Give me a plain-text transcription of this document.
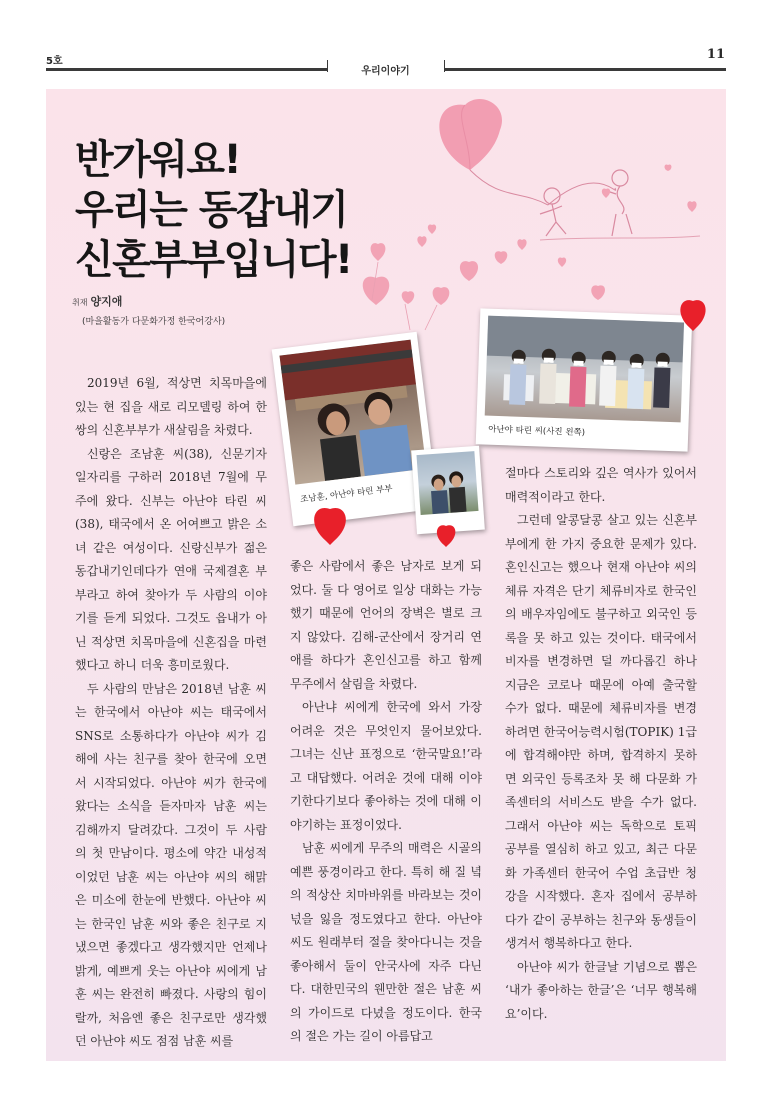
5호	11
우리이야기
반가워요!
우리는 동갑내기
신혼부부입니다!
취재 양지애
(마을활동가 다문화가정 한국어강사)
아난야 타린 씨(사진 왼쪽)
조남훈, 아난야 타린 부부

2019년 6월, 적상면 치목마을에 있는 현 집을 새로 리모델링 하여 한 쌍의 신혼부부가 새살림을 차렸다.

신랑은 조남훈 씨(38), 신문기자 일자리를 구하러 2018년 7월에 무주에 왔다. 신부는 아난야 타린 씨(38), 태국에서 온 어여쁘고 밝은 소녀 같은 여성이다. 신랑신부가 젊은 동갑내기인데다가 연애 국제결혼 부부라고 하여 찾아가 두 사람의 이야기를 듣게 되었다. 그것도 읍내가 아닌 적상면 치목마을에 신혼집을 마련했다고 하니 더욱 흥미로웠다.

두 사람의 만남은 2018년 남훈 씨는 한국에서 아난야 씨는 태국에서 SNS로 소통하다가 아난야 씨가 김해에 사는 친구를 찾아 한국에 오면서 시작되었다. 아난야 씨가 한국에 왔다는 소식을 듣자마자 남훈 씨는 김해까지 달려갔다. 그것이 두 사람의 첫 만남이다. 평소에 약간 내성적이었던 남훈 씨는 아난야 씨의 해맑은 미소에 한눈에 반했다. 아난야 씨는 한국인 남훈 씨와 좋은 친구로 지냈으면 좋겠다고 생각했지만 언제나 밝게, 예쁘게 웃는 아난야 씨에게 남훈 씨는 완전히 빠졌다. 사랑의 힘이랄까, 처음엔 좋은 친구로만 생각했던 아난야 씨도 점점 남훈 씨를

좋은 사람에서 좋은 남자로 보게 되었다. 둘 다 영어로 일상 대화는 가능했기 때문에 언어의 장벽은 별로 크지 않았다. 김해-군산에서 장거리 연애를 하다가 혼인신고를 하고 함께 무주에서 살림을 차렸다.

아난냐 씨에게 한국에 와서 가장 어려운 것은 무엇인지 물어보았다. 그녀는 신난 표정으로 ‘한국말요!’라고 대답했다. 어려운 것에 대해 이야기한다기보다 좋아하는 것에 대해 이야기하는 표정이었다.

남훈 씨에게 무주의 매력은 시골의 예쁜 풍경이라고 한다. 특히 해 질 녘의 적상산 치마바위를 바라보는 것이 넋을 잃을 정도였다고 한다. 아난야 씨도 원래부터 절을 찾아다니는 것을 좋아해서 둘이 안국사에 자주 다닌다. 대한민국의 웬만한 절은 남훈 씨의 가이드로 다녔을 정도이다. 한국의 절은 가는 길이 아름답고

절마다 스토리와 깊은 역사가 있어서 매력적이라고 한다.

그런데 알콩달콩 살고 있는 신혼부부에게 한 가지 중요한 문제가 있다. 혼인신고는 했으나 현재 아난야 씨의 체류 자격은 단기 체류비자로 한국인의 배우자임에도 불구하고 외국인 등록을 못 하고 있는 것이다. 태국에서 비자를 변경하면 덜 까다롭긴 하나 지금은 코로나 때문에 아예 출국할 수가 없다. 때문에 체류비자를 변경하려면 한국어능력시험(TOPIK) 1급에 합격해야만 하며, 합격하지 못하면 외국인 등록조차 못 해 다문화 가족센터의 서비스도 받을 수가 없다. 그래서 아난야 씨는 독학으로 토픽 공부를 열심히 하고 있고, 최근 다문화 가족센터 한국어 수업 초급반 청강을 시작했다. 혼자 집에서 공부하다가 같이 공부하는 친구와 동생들이 생겨서 행복하다고 한다.

아난야 씨가 한글날 기념으로 뽑은 ‘내가 좋아하는 한글’은 ‘너무 행복해요’이다.
